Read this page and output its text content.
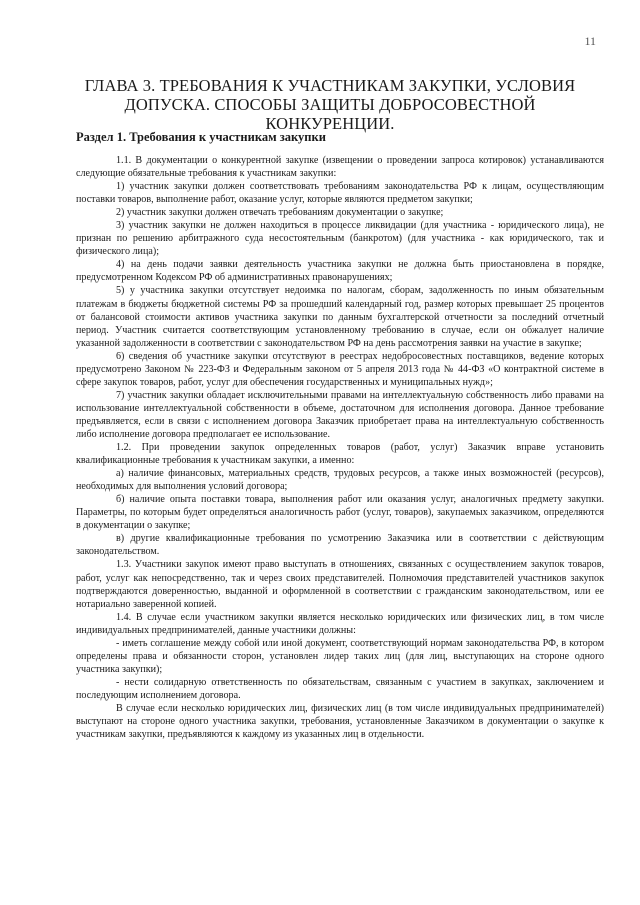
11
ГЛАВА 3. ТРЕБОВАНИЯ К УЧАСТНИКАМ ЗАКУПКИ, УСЛОВИЯ
ДОПУСКА. СПОСОБЫ ЗАЩИТЫ ДОБРОСОВЕСТНОЙ КОНКУРЕНЦИИ.
Раздел 1. Требования к участникам закупки

1.1. В документации о конкурентной закупке (извещении о проведении запроса котировок) устанавливаются следующие обязательные требования к участникам закупки:

1) участник закупки должен соответствовать требованиям законодательства РФ к лицам, осуществляющим поставки товаров, выполнение работ, оказание услуг, которые являются предметом закупки;

2) участник закупки должен отвечать требованиям документации о закупке;

3) участник закупки не должен находиться в процессе ликвидации (для участника - юридического лица), не признан по решению арбитражного суда несостоятельным (банкротом) (для участника - как юридического, так и физического лица);

4) на день подачи заявки деятельность участника закупки не должна быть приостановлена в порядке, предусмотренном Кодексом РФ об административных правонарушениях;

5) у участника закупки отсутствует недоимка по налогам, сборам, задолженность по иным обязательным платежам в бюджеты бюджетной системы РФ за прошедший календарный год, размер которых превышает 25 процентов от балансовой стоимости активов участника закупки по данным бухгалтерской отчетности за последний отчетный период. Участник считается соответствующим установленному требованию в случае, если он обжалует наличие указанной задолженности в соответствии с законодательством РФ на день рассмотрения заявки на участие в закупке;

6) сведения об участнике закупки отсутствуют в реестрах недобросовестных поставщиков, ведение которых предусмотрено Законом № 223-ФЗ и Федеральным законом от 5 апреля 2013 года № 44-ФЗ «О контрактной системе в сфере закупок товаров, работ, услуг для обеспечения государственных и муниципальных нужд»;

7) участник закупки обладает исключительными правами на интеллектуальную собственность либо правами на использование интеллектуальной собственности в объеме, достаточном для исполнения договора. Данное требование предъявляется, если в связи с исполнением договора Заказчик приобретает права на интеллектуальную собственность либо исполнение договора предполагает ее использование.

1.2. При проведении закупок определенных товаров (работ, услуг) Заказчик вправе установить квалификационные требования к участникам закупки, а именно:

а) наличие финансовых, материальных средств, трудовых ресурсов, а также иных возможностей (ресурсов), необходимых для выполнения условий договора;

б) наличие опыта поставки товара, выполнения работ или оказания услуг, аналогичных предмету закупки. Параметры, по которым будет определяться аналогичность работ (услуг, товаров), закупаемых заказчиком, определяются в документации о закупке;

в) другие квалификационные требования по усмотрению Заказчика или в соответствии с действующим законодательством.

1.3. Участники закупок имеют право выступать в отношениях, связанных с осуществлением закупок товаров, работ, услуг как непосредственно, так и через своих представителей. Полномочия представителей участников закупок подтверждаются доверенностью, выданной и оформленной в соответствии с гражданским законодательством, или ее нотариально заверенной копией.

1.4. В случае если участником закупки является несколько юридических или физических лиц, в том числе индивидуальных предпринимателей, данные участники должны:

- иметь соглашение между собой или иной документ, соответствующий нормам законодательства РФ, в котором определены права и обязанности сторон, установлен лидер таких лиц (для лиц, выступающих на стороне одного участника закупки);

- нести солидарную ответственность по обязательствам, связанным с участием в закупках, заключением и последующим исполнением договора.

В случае если несколько юридических лиц, физических лиц (в том числе индивидуальных предпринимателей) выступают на стороне одного участника закупки, требования, установленные Заказчиком в документации о закупке к участникам закупки, предъявляются к каждому из указанных лиц в отдельности.
